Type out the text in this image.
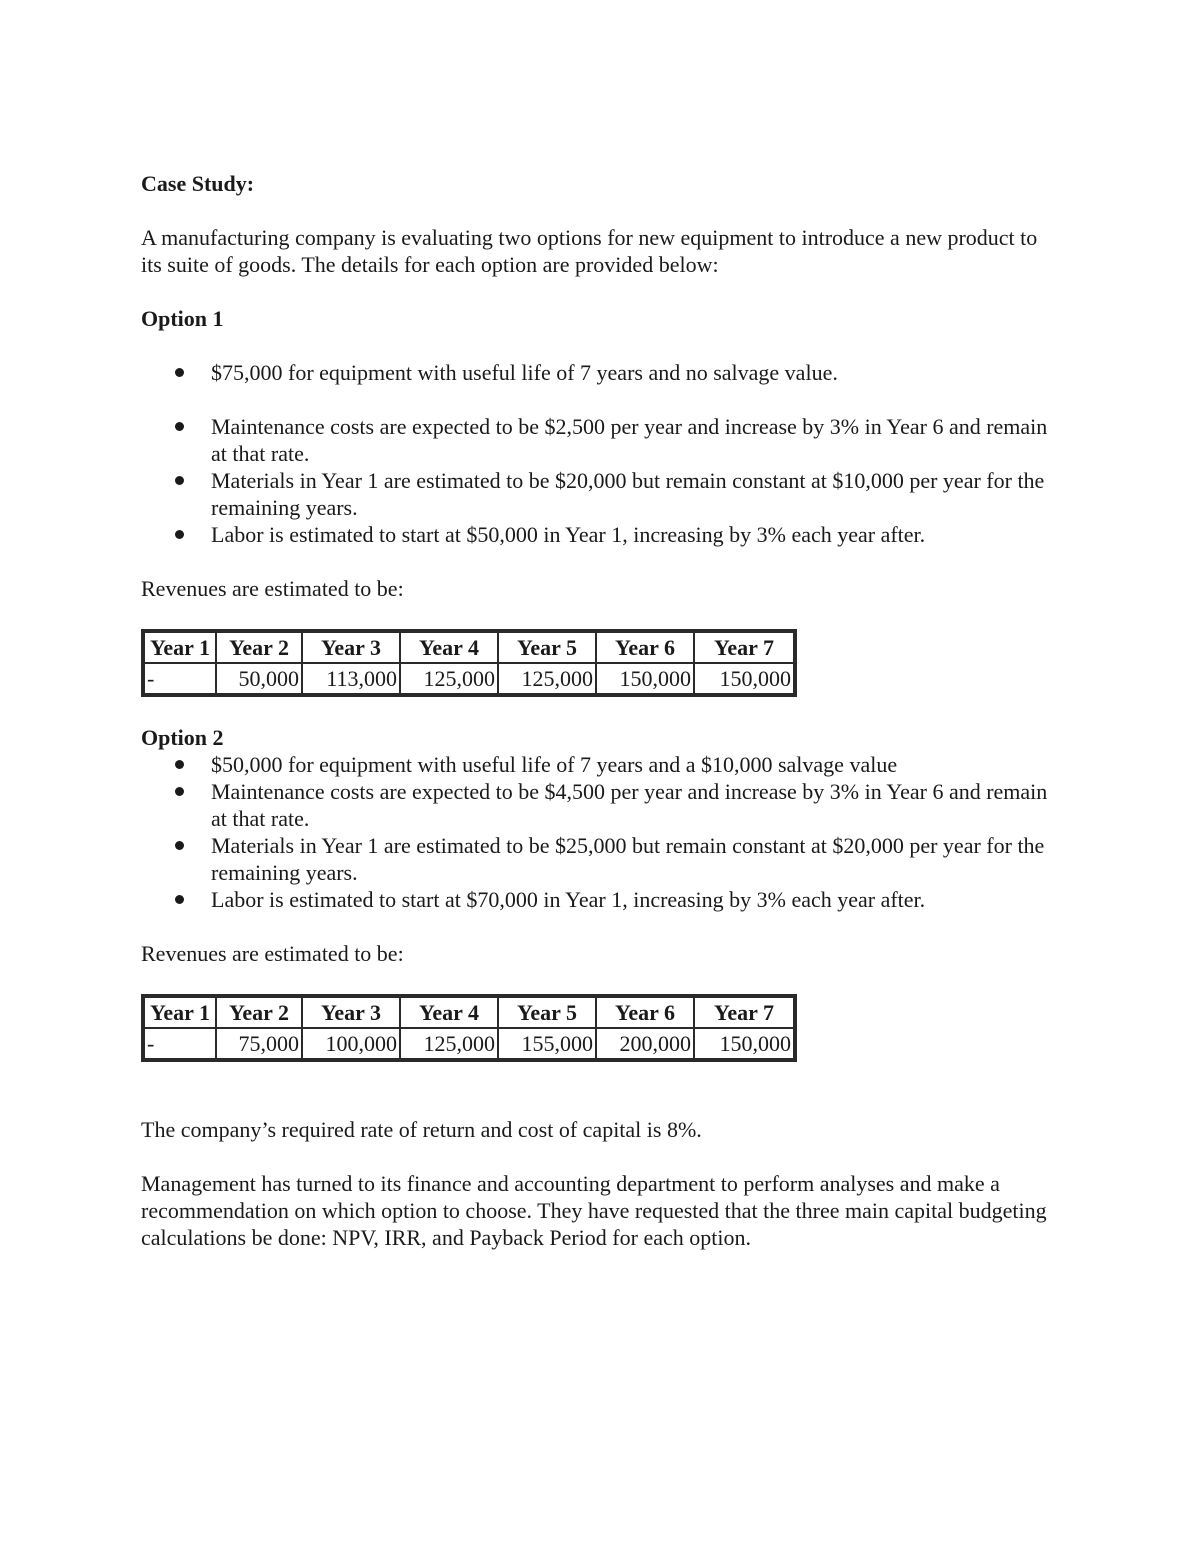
Case Study:

A manufacturing company is evaluating two options for new equipment to introduce a new product to its suite of goods. The details for each option are provided below:

Option 1

$75,000 for equipment with useful life of 7 years and no salvage value.
Maintenance costs are expected to be $2,500 per year and increase by 3% in Year 6 and remain at that rate.
Materials in Year 1 are estimated to be $20,000 but remain constant at $10,000 per year for the remaining years.
Labor is estimated to start at $50,000 in Year 1, increasing by 3% each year after.

Revenues are estimated to be:

Year 1	Year 2	Year 3	Year 4	Year 5	Year 6	Year 7
-	50,000	113,000	125,000	125,000	150,000	150,000

Option 2

$50,000 for equipment with useful life of 7 years and a $10,000 salvage value
Maintenance costs are expected to be $4,500 per year and increase by 3% in Year 6 and remain at that rate.
Materials in Year 1 are estimated to be $25,000 but remain constant at $20,000 per year for the remaining years.
Labor is estimated to start at $70,000 in Year 1, increasing by 3% each year after.

Revenues are estimated to be:

Year 1	Year 2	Year 3	Year 4	Year 5	Year 6	Year 7
-	75,000	100,000	125,000	155,000	200,000	150,000

The company’s required rate of return and cost of capital is 8%.

Management has turned to its finance and accounting department to perform analyses and make a recommendation on which option to choose. They have requested that the three main capital budgeting calculations be done: NPV, IRR, and Payback Period for each option.
